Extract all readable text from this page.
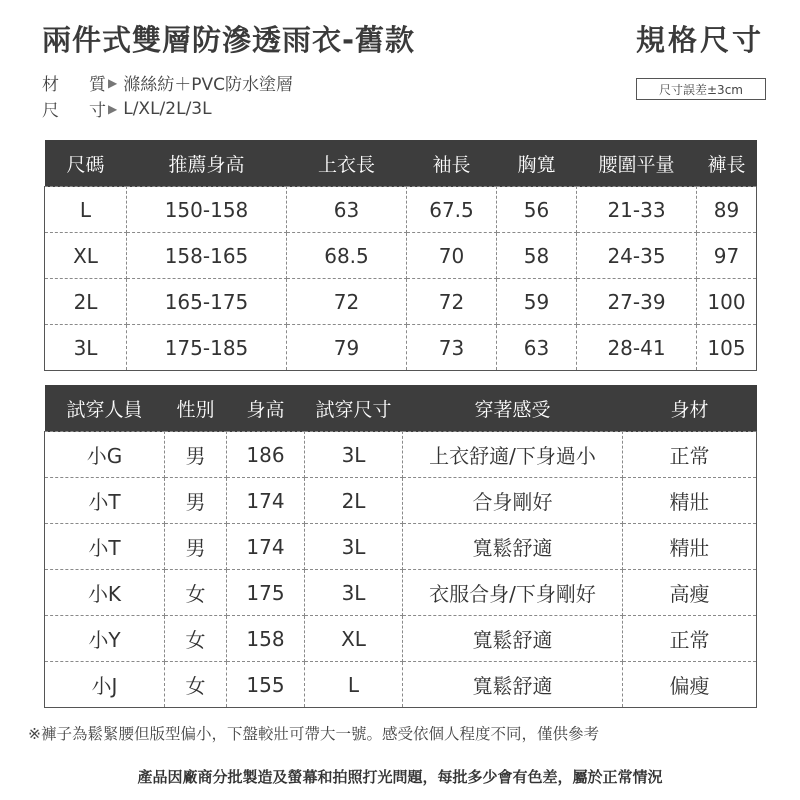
兩件式雙層防滲透雨衣-舊款	規格尺寸
材 質 ▶ 滌絲紡＋PVC防水塗層
尺 寸 ▶ L/XL/2L/3L
尺寸誤差±3cm
尺碼	推薦身高	上衣長	袖長	胸寬	腰圍平量	褲長
L	150-158	63	67.5	56	21-33	89
XL	158-165	68.5	70	58	24-35	97
2L	165-175	72	72	59	27-39	100
3L	175-185	79	73	63	28-41	105
試穿人員	性別	身高	試穿尺寸	穿著感受	身材
小G	男	186	3L	上衣舒適/下身過小	正常
小T	男	174	2L	合身剛好	精壯
小T	男	174	3L	寬鬆舒適	精壯
小K	女	175	3L	衣服合身/下身剛好	高瘦
小Y	女	158	XL	寬鬆舒適	正常
小J	女	155	L	寬鬆舒適	偏瘦
※褲子為鬆緊腰但版型偏小，下盤較壯可帶大一號。感受依個人程度不同，僅供參考
產品因廠商分批製造及螢幕和拍照打光問題，每批多少會有色差，屬於正常情況
